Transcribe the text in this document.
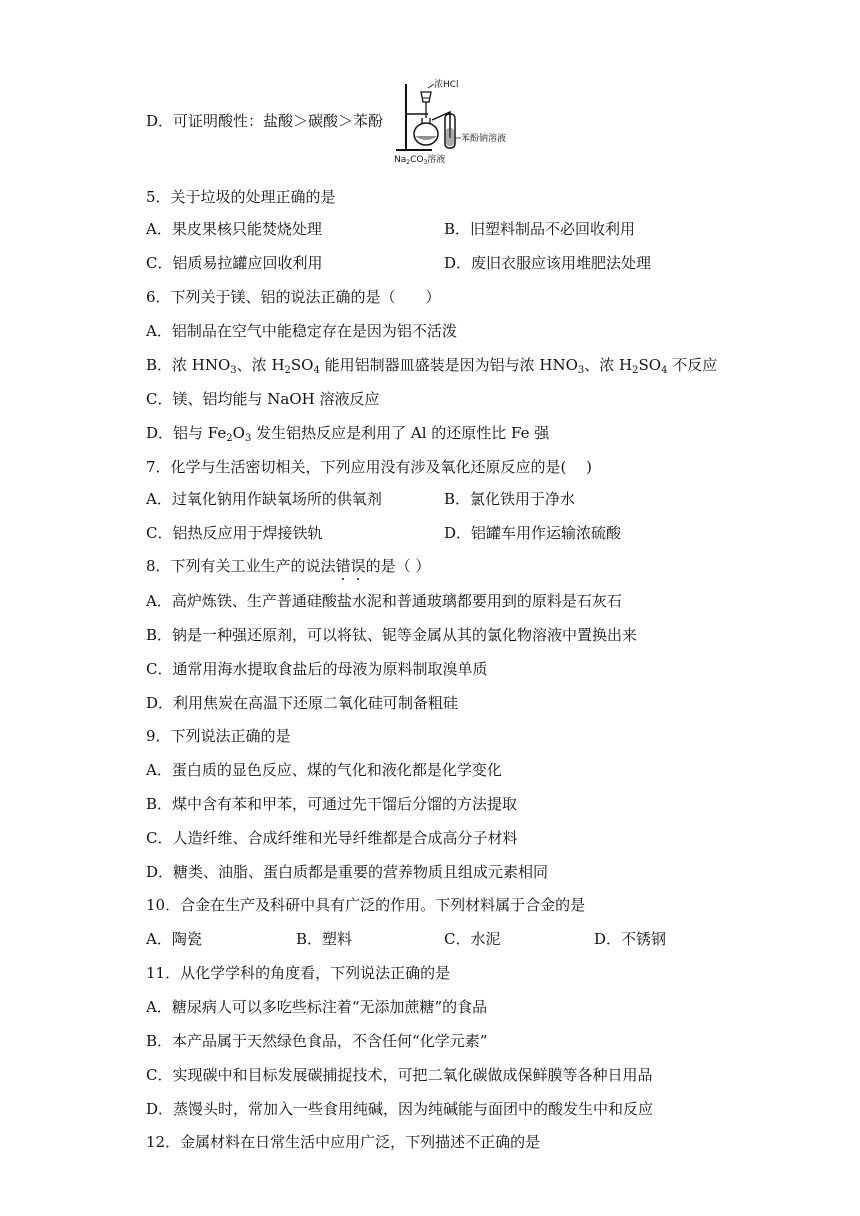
D．可证明酸性：盐酸＞碳酸＞苯酚
浓HCl
苯酚钠溶液
$Na_2CO_3$溶液
5．关于垃圾的处理正确的是
A．果皮果核只能焚烧处理	B．旧塑料制品不必回收利用
C．铝质易拉罐应回收利用	D．废旧衣服应该用堆肥法处理
6．下列关于镁、铝的说法正确的是（　　）
A．铝制品在空气中能稳定存在是因为铝不活泼
B．浓 $HNO_3$、浓 $H_2SO_4$ 能用铝制器皿盛装是因为铝与浓 $HNO_3$、浓 $H_2SO_4$ 不反应
C．镁、铝均能与 NaOH 溶液反应
D．铝与 $Fe_2O_3$ 发生铝热反应是利用了 Al 的还原性比 Fe 强
7．化学与生活密切相关，下列应用没有涉及氧化还原反应的是(　 )
A．过氧化钠用作缺氧场所的供氧剂	B．氯化铁用于净水
C．铝热反应用于焊接铁轨	D．铝罐车用作运输浓硫酸
8．下列有关工业生产的说法错误的是（ ）
A．高炉炼铁、生产普通硅酸盐水泥和普通玻璃都要用到的原料是石灰石
B．钠是一种强还原剂，可以将钛、铌等金属从其的氯化物溶液中置换出来
C．通常用海水提取食盐后的母液为原料制取溴单质
D．利用焦炭在高温下还原二氧化硅可制备粗硅
9．下列说法正确的是
A．蛋白质的显色反应、煤的气化和液化都是化学变化
B．煤中含有苯和甲苯，可通过先干馏后分馏的方法提取
C．人造纤维、合成纤维和光导纤维都是合成高分子材料
D．糖类、油脂、蛋白质都是重要的营养物质且组成元素相同
10．合金在生产及科研中具有广泛的作用。下列材料属于合金的是
A．陶瓷	B．塑料	C．水泥	D．不锈钢
11．从化学学科的角度看，下列说法正确的是
A．糖尿病人可以多吃些标注着“无添加蔗糖”的食品
B．本产品属于天然绿色食品，不含任何“化学元素”
C．实现碳中和目标发展碳捕捉技术，可把二氧化碳做成保鲜膜等各种日用品
D．蒸馒头时，常加入一些食用纯碱，因为纯碱能与面团中的酸发生中和反应
12．金属材料在日常生活中应用广泛，下列描述不正确的是
